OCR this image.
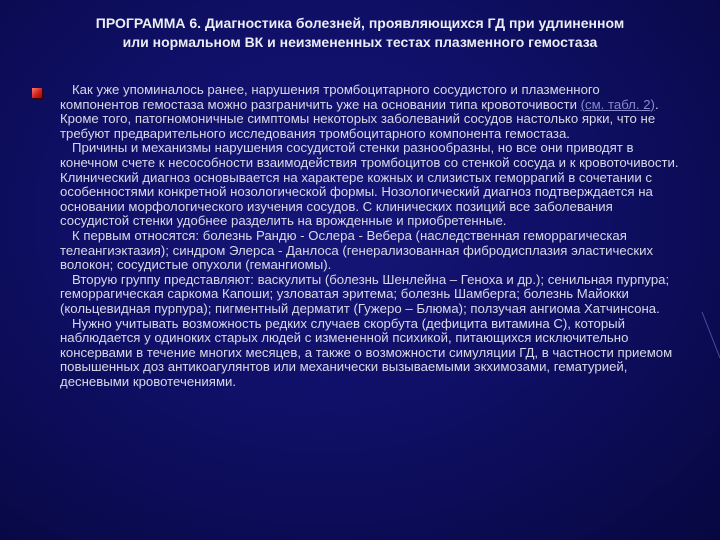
ПРОГРАММА 6. Диагностика болезней, проявляющихся ГД при удлиненном
или нормальном ВК и неизмененных тестах плазменного гемостаза

Как уже упоминалось ранее, нарушения тромбоцитарного сосудистого и плазменного компонентов гемостаза можно разграничить уже на основании типа кровоточивости (см. табл. 2). Кроме того, патогномоничные симптомы некоторых заболеваний сосудов настолько ярки, что не требуют предварительного исследования тромбоцитарного компонента гемостаза.

Причины и механизмы нарушения сосудистой стенки разнообразны, но все они приводят в конечном счете к несособности взаимодействия тромбоцитов со стенкой сосуда и к кровоточивости. Клинический диагноз основывается на характере кожных и слизистых геморрагий в сочетании с особенностями конкретной нозологической формы. Нозологический диагноз подтверждается на основании морфологического изучения сосудов. С клинических позиций все заболевания сосудистой стенки удобнее разделить на врожденные и приобретенные.

К первым относятся: болезнь Рандю - Ослера - Вебера (наследственная геморрагическая телеангиэктазия); синдром Элерса - Данлоса (генерализованная фибродисплазия эластических волокон; сосудистые опухоли (гемангиомы).

Вторую группу представляют: васкулиты (болезнь Шенлейна – Геноха и др.); сенильная пурпура; геморрагическая саркома Капоши; узловатая эритема; болезнь Шамберга; болезнь Майокки (кольцевидная пурпура); пигментный дерматит (Гужеро – Блюма); ползучая ангиома Хатчинсона.

Нужно учитывать возможность редких случаев скорбута (дефицита витамина С), который наблюдается у одиноких старых людей с измененной психикой, питающихся исключительно консервами в течение многих месяцев, а также о возможности симуляции ГД, в частности приемом повышенных доз антикоагулянтов или механически вызываемыми экхимозами, гематурией, десневыми кровотечениями.
